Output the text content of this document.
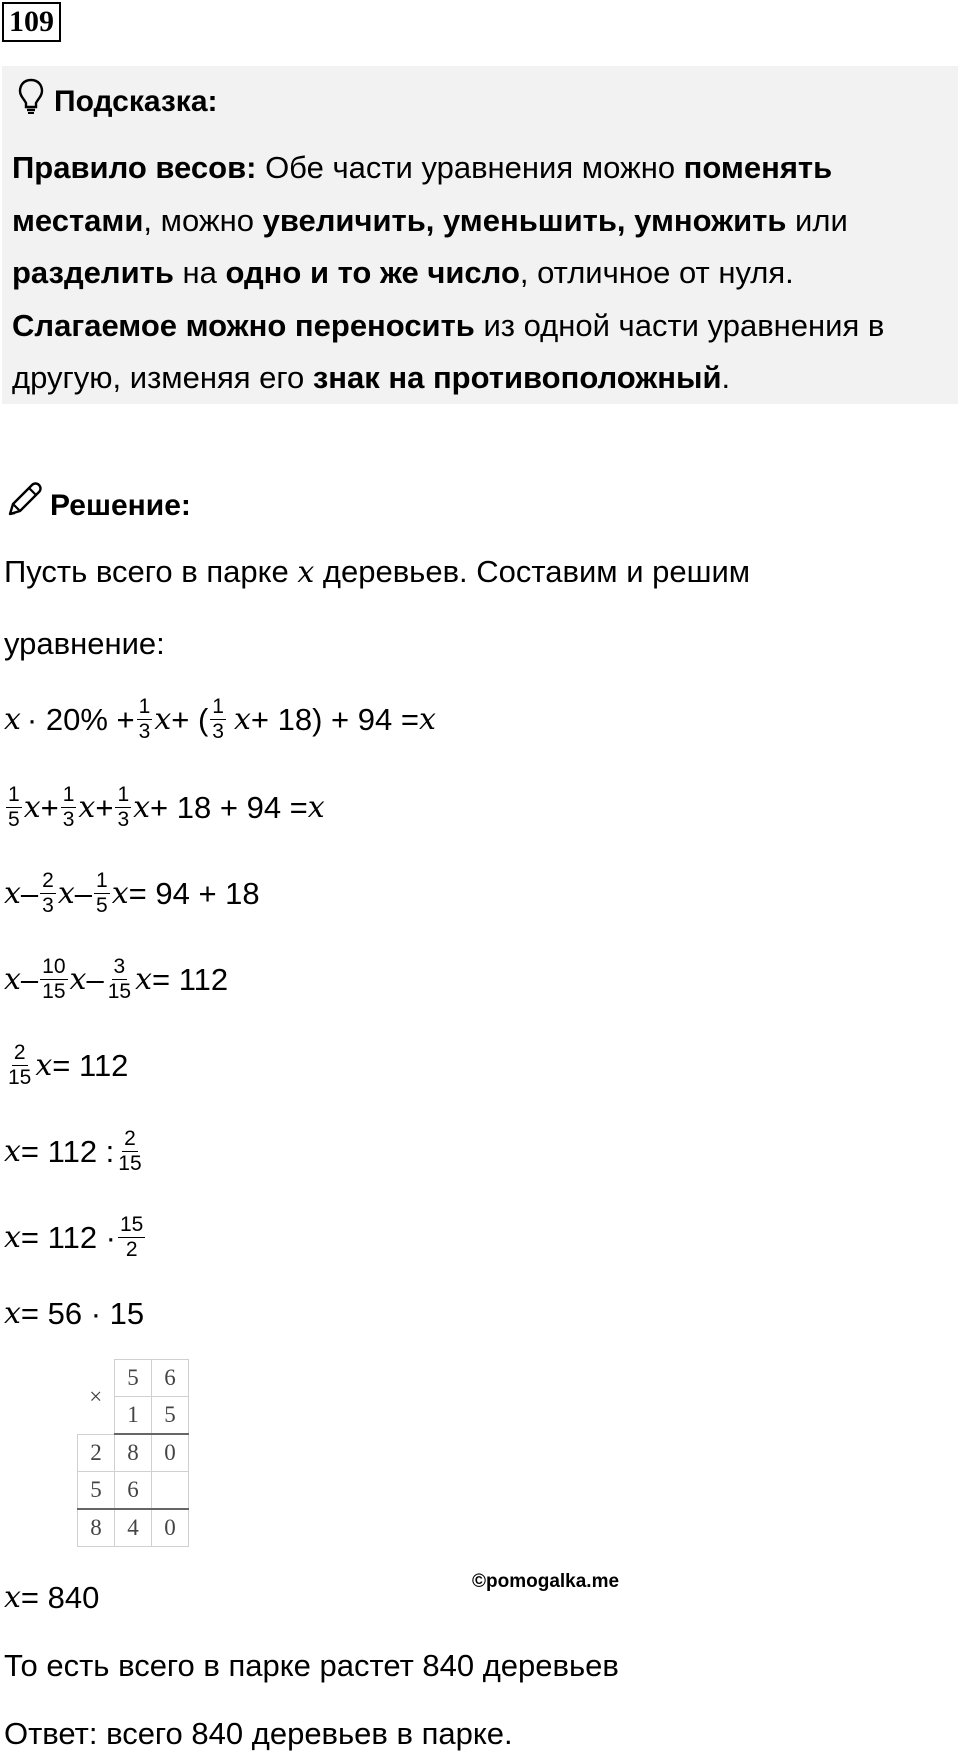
109
Подсказка:
Правило весов: Обе части уравнения можно поменять местами, можно увеличить, уменьшить, умножить или разделить на одно и то же число, отличное от нуля. Слагаемое можно переносить из одной части уравнения в другую, изменяя его знак на противоположный.
Решение:
Пусть всего в парке x деревьев. Составим и решим
уравнение:
$x \cdot 20\% + \frac{1}{3}$ x + ( $\frac{1}{3}$ x + 18) + 94 = x
$\frac{1}{5}$ $x + \frac{1}{3}$ $x + \frac{1}{3}$ x + 18 + 94 = x
x – $\frac{2}{3}$ x – $\frac{1}{5}$ x = 94 + 18
x – $\frac{10}{15}$ x – $\frac{3}{15}$ x = 112
$\frac{2}{15}$ x = 112
x = 112 : $\frac{2}{15}$
$x = 112 \cdot \frac{15}{2}$
x = 56 · 15
×	5	6
	1	5
2	8	0
5	6	
8	4	0
x = 840	©pomogalka.me
То есть всего в парке растет 840 деревьев
Ответ: всего 840 деревьев в парке.
